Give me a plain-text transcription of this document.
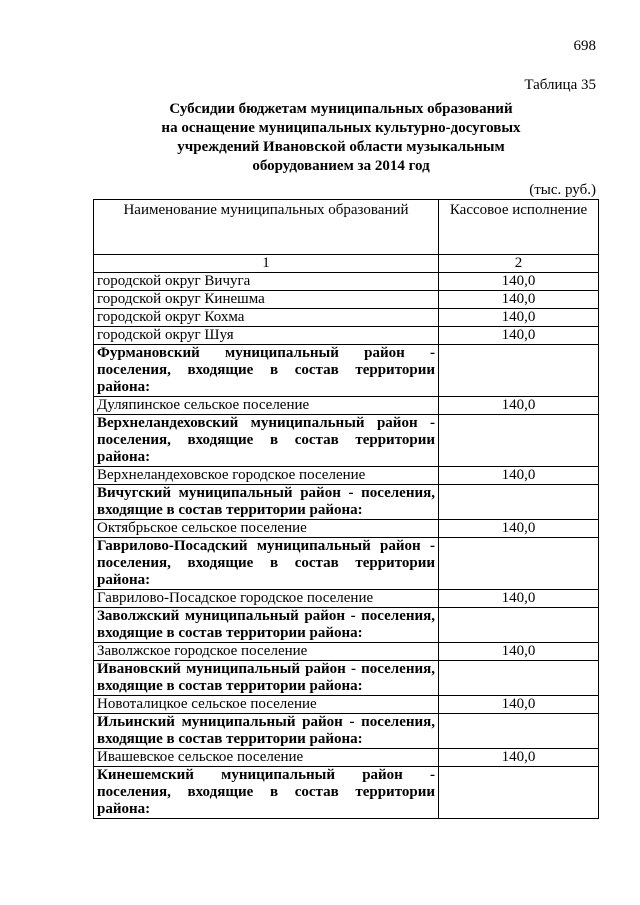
698
Таблица 35
Субсидии бюджетам муниципальных образований
на оснащение муниципальных культурно-досуговых
учреждений Ивановской области музыкальным
оборудованием за 2014 год
(тыс. руб.)
Наименование муниципальных образований	Кассовое исполнение
1	2
городской округ Вичуга	140,0
городской округ Кинешма	140,0
городской округ Кохма	140,0
городской округ Шуя	140,0

Фурмановский муниципальный район -
поселения, входящие в состав территории
района:	

Дуляпинское сельское поселение	140,0

Верхнеландеховский муниципальный район -
поселения, входящие в состав территории
района:	

Верхнеландеховское городское поселение	140,0

Вичугский муниципальный район - поселения,
входящие в состав территории района:	

Октябрьское сельское поселение	140,0

Гаврилово-Посадский муниципальный район -
поселения, входящие в состав территории
района:	

Гаврилово-Посадское городское поселение	140,0

Заволжский муниципальный район - поселения,
входящие в состав территории района:	

Заволжское городское поселение	140,0

Ивановский муниципальный район - поселения,
входящие в состав территории района:	

Новоталицкое сельское поселение	140,0

Ильинский муниципальный район - поселения,
входящие в состав территории района:	

Ивашевское сельское поселение	140,0

Кинешемский муниципальный район -
поселения, входящие в состав территории
района:	
